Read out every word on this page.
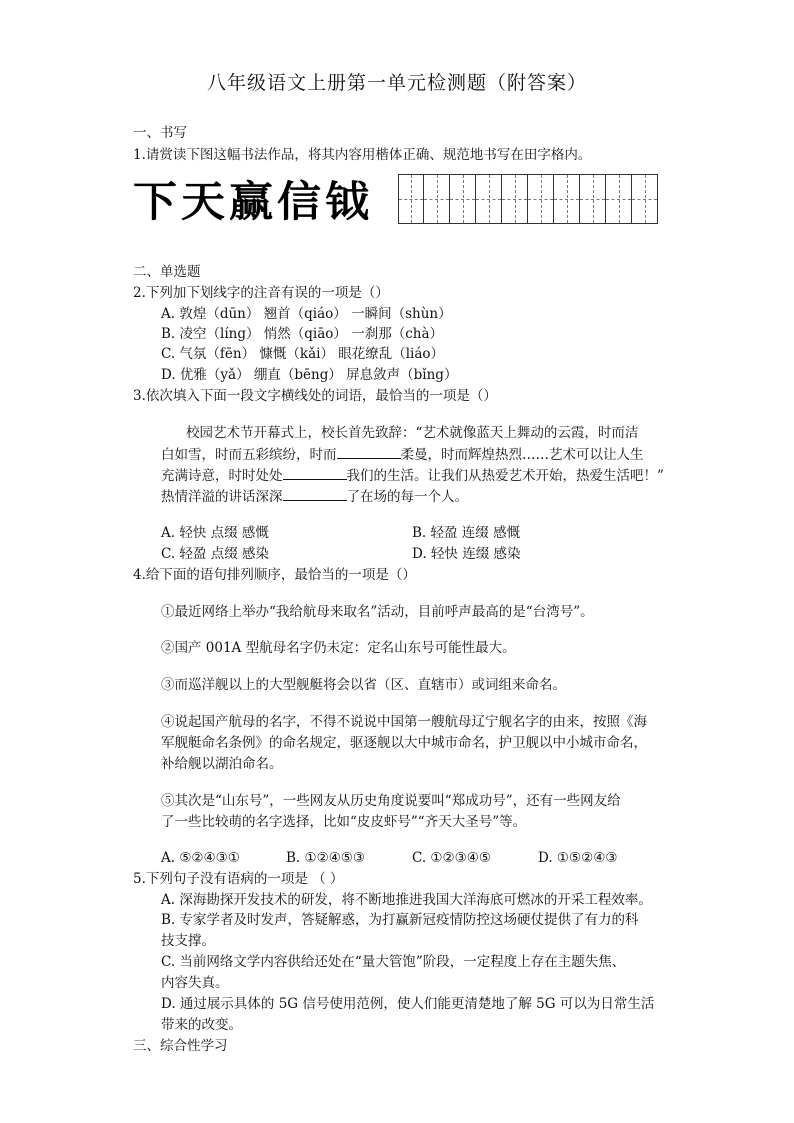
八年级语文上册第一单元检测题（附答案）
一、书写
1.请赏读下图这幅书法作品，将其内容用楷体正确、规范地书写在田字格内。
下天赢信钺
二、单选题
2.下列加下划线字的注音有误的一项是（）
A. 敦煌（dūn） 翘首（qiáo） 一瞬间（shùn）
B. 凌空（líng） 悄然（qiāo） 一刹那（chà）
C. 气氛（fēn） 慷慨（kǎi） 眼花缭乱（liáo）
D. 优雅（yǎ） 绷直（bēng） 屏息敛声（bǐng）
3.依次填入下面一段文字横线处的词语，最恰当的一项是（）
校园艺术节开幕式上，校长首先致辞：“艺术就像蓝天上舞动的云霞，时而洁
白如雪，时而五彩缤纷，时而	柔曼，时而辉煌热烈……艺术可以让人生
充满诗意，时时处处	我们的生活。让我们从热爱艺术开始，热爱生活吧！”
热情洋溢的讲话深深	了在场的每一个人。
A. 轻快 点缀 感慨	B. 轻盈 连缀 感慨
C. 轻盈 点缀 感染	D. 轻快 连缀 感染
4.给下面的语句排列顺序，最恰当的一项是（）
①最近网络上举办“我给航母来取名”活动，目前呼声最高的是“台湾号”。
②国产 001A 型航母名字仍未定：定名山东号可能性最大。
③而巡洋舰以上的大型舰艇将会以省（区、直辖市）或词组来命名。
④说起国产航母的名字，不得不说说中国第一艘航母辽宁舰名字的由来，按照《海
军舰艇命名条例》的命名规定，驱逐舰以大中城市命名，护卫舰以中小城市命名，
补给舰以湖泊命名。
⑤其次是“山东号”，一些网友从历史角度说要叫“郑成功号”，还有一些网友给
了一些比较萌的名字选择，比如“皮皮虾号”“齐天大圣号”等。
A. ⑤②④③①	B. ①②④⑤③	C. ①②③④⑤	D. ①⑤②④③
5.下列句子没有语病的一项是 （ ）
A. 深海勘探开发技术的研发，将不断地推进我国大洋海底可燃冰的开采工程效率。
B. 专家学者及时发声，答疑解惑，为打赢新冠疫情防控这场硬仗提供了有力的科
技支撑。
C. 当前网络文学内容供给还处在“量大管饱”阶段，一定程度上存在主题失焦、
内容失真。
D. 通过展示具体的 5G 信号使用范例，使人们能更清楚地了解 5G 可以为日常生活
带来的改变。
三、综合性学习
